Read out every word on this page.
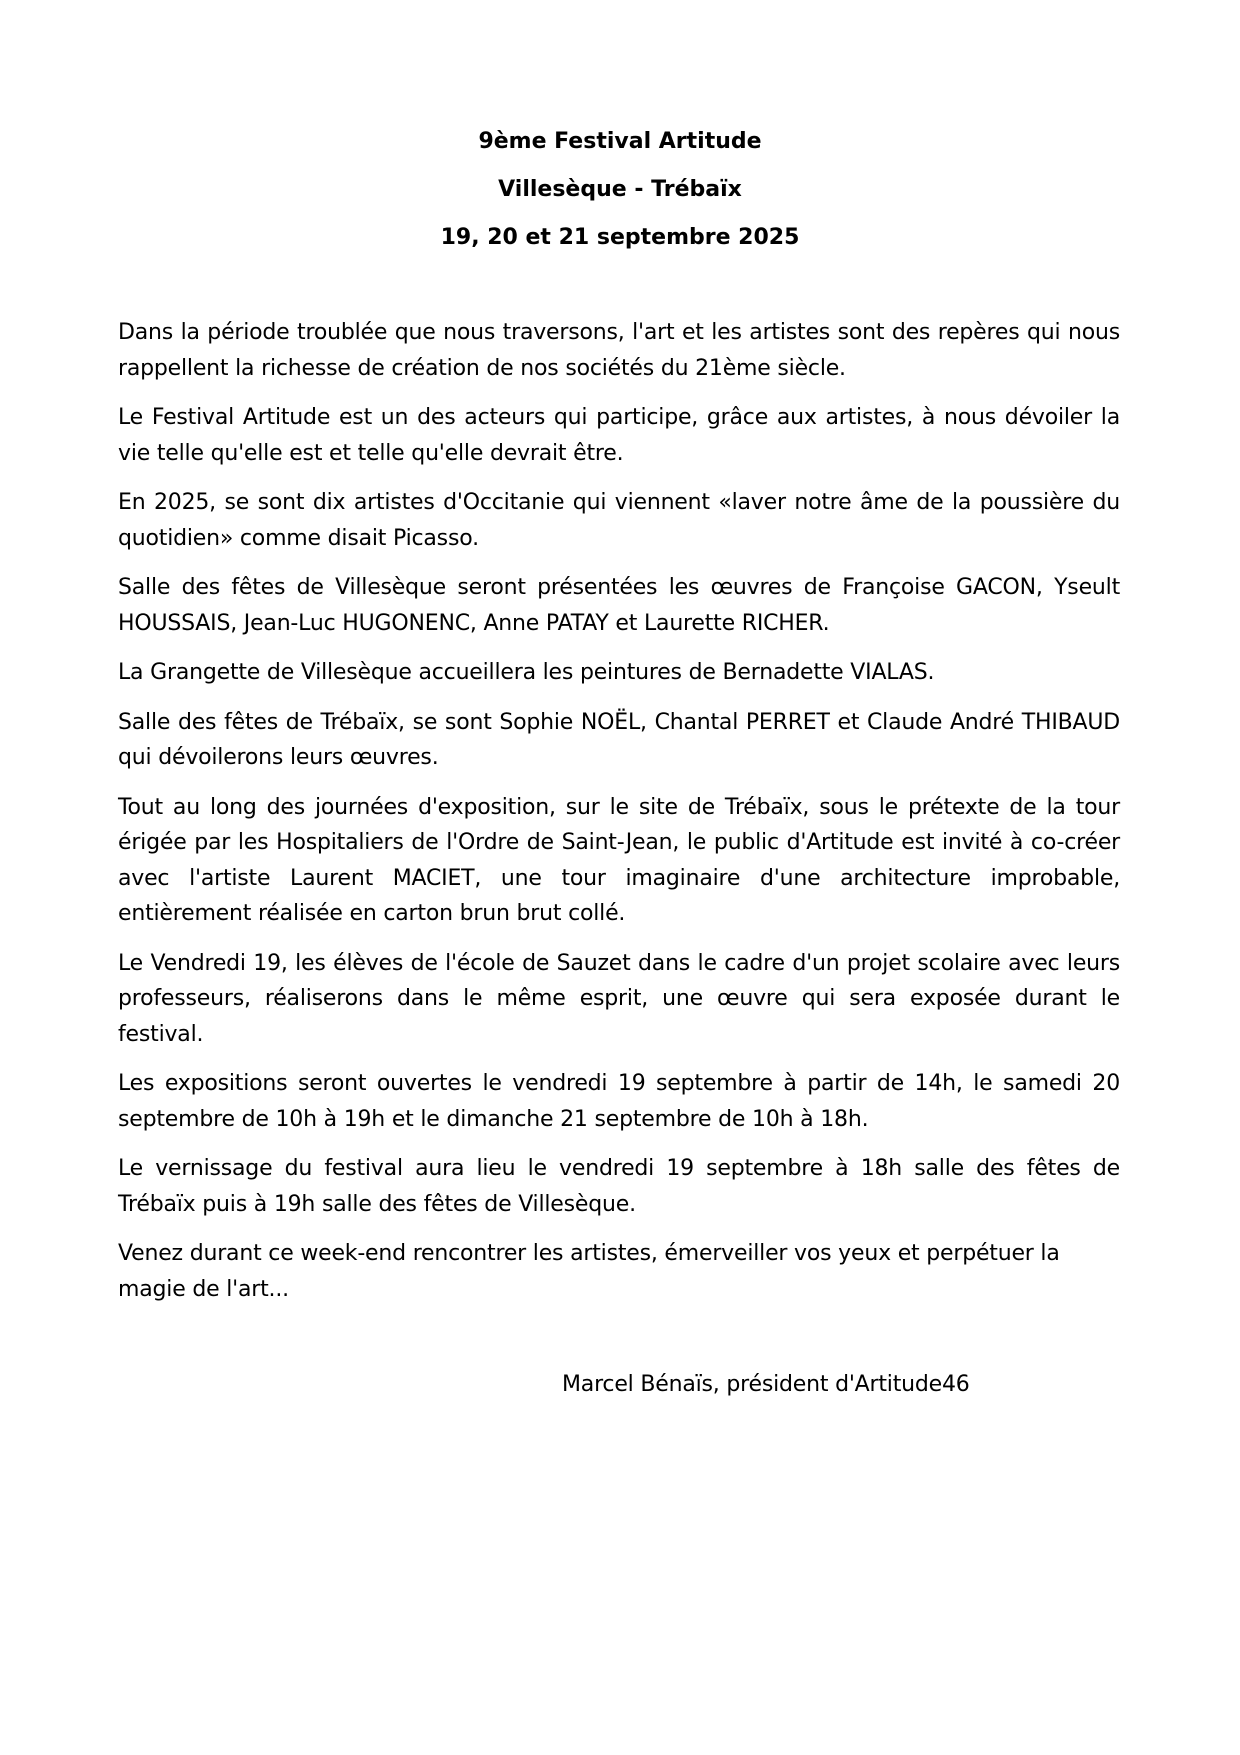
9ème Festival Artitude

Villesèque - Trébaïx

19, 20 et 21 septembre 2025

Dans la période troublée que nous traversons, l'art et les artistes sont des repères qui nous rappellent la richesse de création de nos sociétés du 21ème siècle.

Le Festival Artitude est un des acteurs qui participe, grâce aux artistes, à nous dévoiler la vie telle qu'elle est et telle qu'elle devrait être.

En 2025, se sont dix artistes d'Occitanie qui viennent «laver notre âme de la poussière du quotidien» comme disait Picasso.

Salle des fêtes de Villesèque seront présentées les œuvres de Françoise GACON, Yseult HOUSSAIS, Jean-Luc HUGONENC, Anne PATAY et Laurette RICHER.

La Grangette de Villesèque accueillera les peintures de Bernadette VIALAS.

Salle des fêtes de Trébaïx, se sont Sophie NOËL, Chantal PERRET et Claude André THIBAUD qui dévoilerons leurs œuvres.

Tout au long des journées d'exposition, sur le site de Trébaïx, sous le prétexte de la tour érigée par les Hospitaliers de l'Ordre de Saint-Jean, le public d'Artitude est invité à co-créer avec l'artiste Laurent MACIET, une tour imaginaire d'une architecture improbable, entièrement réalisée en carton brun brut collé.

Le Vendredi 19, les élèves de l'école de Sauzet dans le cadre d'un projet scolaire avec leurs professeurs, réaliserons dans le même esprit, une œuvre qui sera exposée durant le festival.

Les expositions seront ouvertes le vendredi 19 septembre à partir de 14h, le samedi 20 septembre de 10h à 19h et le dimanche 21 septembre de 10h à 18h.

Le vernissage du festival aura lieu le vendredi 19 septembre à 18h salle des fêtes de Trébaïx puis à 19h salle des fêtes de Villesèque.

Venez durant ce week-end rencontrer les artistes, émerveiller vos yeux et perpétuer la magie de l'art...

Marcel Bénaïs, président d'Artitude46
